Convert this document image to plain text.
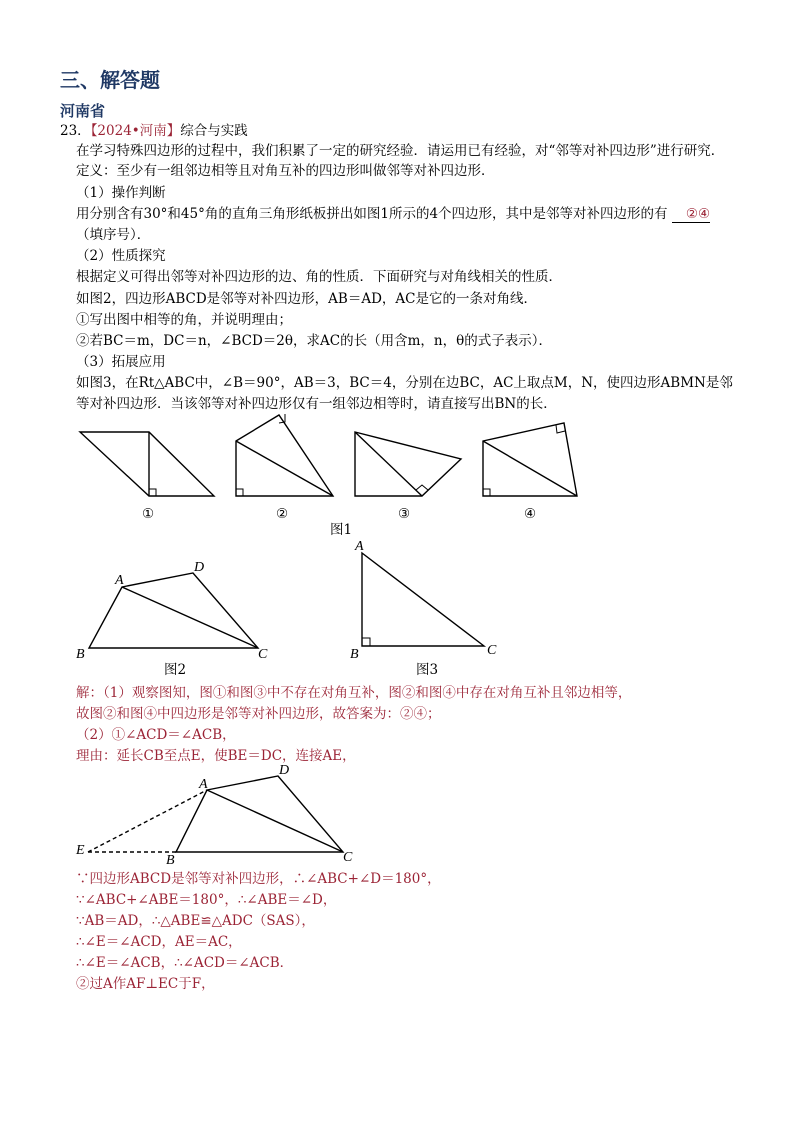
三、解答题
河南省
23．【2024•河南】综合与实践
在学习特殊四边形的过程中，我们积累了一定的研究经验．请运用已有经验，对“邻等对补四边形”进行研究．
定义：至少有一组邻边相等且对角互补的四边形叫做邻等对补四边形．
（1）操作判断
用分别含有30°和45°角的直角三角形纸板拼出如图1所示的4个四边形，其中是邻等对补四边形的有 ②④
（填序号）．
（2）性质探究
根据定义可得出邻等对补四边形的边、角的性质．下面研究与对角线相关的性质．
如图2，四边形ABCD是邻等对补四边形，AB＝AD，AC是它的一条对角线．
①写出图中相等的角，并说明理由；
②若BC＝m，DC＝n，∠BCD＝2θ，求AC的长（用含m，n，θ的式子表示）．
（3）拓展应用
如图3，在Rt△ABC中，∠B＝90°，AB＝3，BC＝4，分别在边BC，AC上取点M，N，使四边形ABMN是邻
等对补四边形．当该邻等对补四边形仅有一组邻边相等时，请直接写出BN的长．
①	②	③	④
图1
A
D
B	C
图2
A
B	C
图3
解：（1）观察图知，图①和图③中不存在对角互补，图②和图④中存在对角互补且邻边相等，
故图②和图④中四边形是邻等对补四边形，故答案为：②④；
（2）①∠ACD＝∠ACB，
理由：延长CB至点E，使BE＝DC，连接AE，
A
D
E
B	C
∵四边形ABCD是邻等对补四边形，∴∠ABC+∠D＝180°，
∵∠ABC+∠ABE＝180°，∴∠ABE＝∠D，
∵AB＝AD，∴△ABE≌△ADC（SAS），
∴∠E＝∠ACD，AE＝AC，
∴∠E＝∠ACB，∴∠ACD＝∠ACB．
②过A作AF⊥EC于F，
